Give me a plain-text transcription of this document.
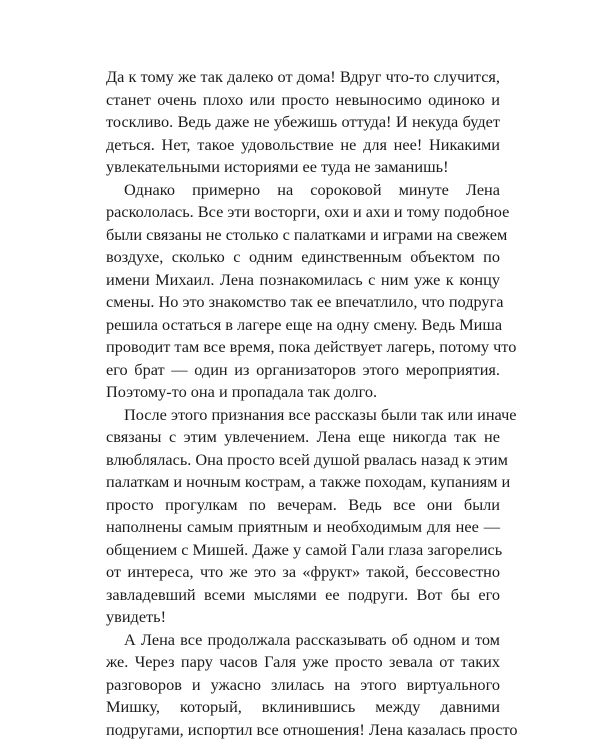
Да к тому же так далеко от дома! Вдруг что-то случится,
станет очень плохо или просто невыносимо одиноко и
тоскливо. Ведь даже не убежишь оттуда! И некуда будет
деться. Нет, такое удовольствие не для нее! Никакими
увлекательными историями ее туда не заманишь!
Однако примерно на сороковой минуте Лена
раскололась. Все эти восторги, охи и ахи и тому подобное
были связаны не столько с палатками и играми на свежем
воздухе, сколько с одним единственным объектом по
имени Михаил. Лена познакомилась с ним уже к концу
смены. Но это знакомство так ее впечатлило, что подруга
решила остаться в лагере еще на одну смену. Ведь Миша
проводит там все время, пока действует лагерь, потому что
его брат — один из организаторов этого мероприятия.
Поэтому-то она и пропадала так долго.
После этого признания все рассказы были так или иначе
связаны с этим увлечением. Лена еще никогда так не
влюблялась. Она просто всей душой рвалась назад к этим
палаткам и ночным кострам, а также походам, купаниям и
просто прогулкам по вечерам. Ведь все они были
наполнены самым приятным и необходимым для нее —
общением с Мишей. Даже у самой Гали глаза загорелись
от интереса, что же это за «фрукт» такой, бессовестно
завладевший всеми мыслями ее подруги. Вот бы его
увидеть!
А Лена все продолжала рассказывать об одном и том
же. Через пару часов Галя уже просто зевала от таких
разговоров и ужасно злилась на этого виртуального
Мишку, который, вклинившись между давними
подругами, испортил все отношения! Лена казалась просто
